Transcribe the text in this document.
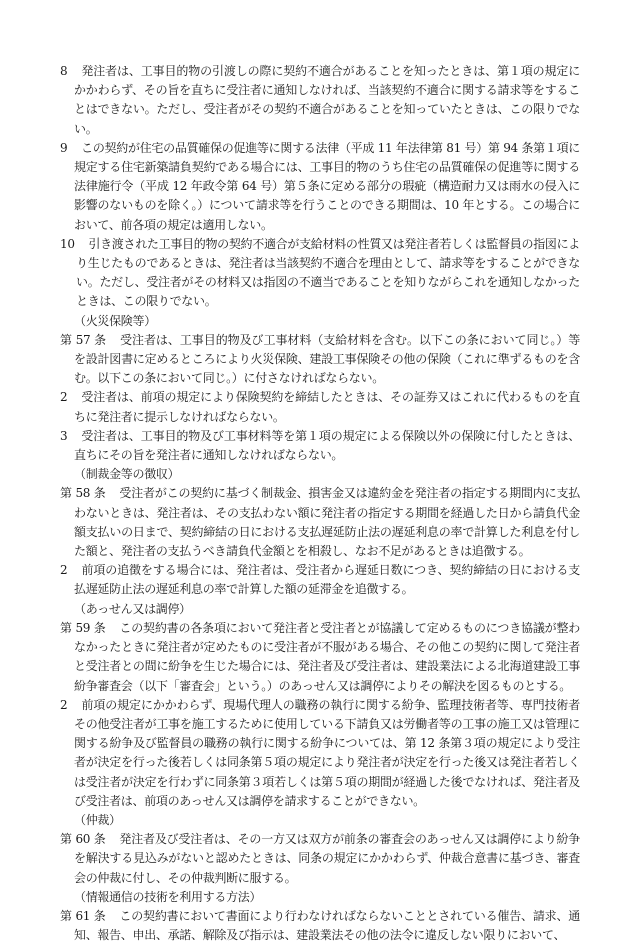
8　 発注者は、工事目的物の引渡しの際に契約不適合があることを知ったときは、第１項の規定にかかわらず、その旨を直ちに受注者に通知しなければ、当該契約不適合に関する請求等をすることはできない。ただし、受注者がその契約不適合があることを知っていたときは、この限りでない。

9　 この契約が住宅の品質確保の促進等に関する法律（平成 11 年法律第 81 号）第 94 条第１項に規定する住宅新築請負契約である場合には、工事目的物のうち住宅の品質確保の促進等に関する法律施行令（平成 12 年政令第 64 号）第５条に定める部分の瑕疵（構造耐力又は雨水の侵入に影響のないものを除く。）について請求等を行うことのできる期間は、10 年とする。この場合において、前各項の規定は適用しない。

10　 引き渡された工事目的物の契約不適合が支給材料の性質又は発注者若しくは監督員の指図により生じたものであるときは、発注者は当該契約不適合を理由として、請求等をすることができない。ただし、受注者がその材料又は指図の不適当であることを知りながらこれを通知しなかったときは、この限りでない。

（火災保険等）

第 57 条　 受注者は、工事目的物及び工事材料（支給材料を含む。以下この条において同じ。）等を設計図書に定めるところにより火災保険、建設工事保険その他の保険（これに準ずるものを含む。以下この条において同じ。）に付さなければならない。

2　 受注者は、前項の規定により保険契約を締結したときは、その証券又はこれに代わるものを直ちに発注者に提示しなければならない。

3　 受注者は、工事目的物及び工事材料等を第１項の規定による保険以外の保険に付したときは、直ちにその旨を発注者に通知しなければならない。

（制裁金等の徴収）

第 58 条　 受注者がこの契約に基づく制裁金、損害金又は違約金を発注者の指定する期間内に支払わないときは、発注者は、その支払わない額に発注者の指定する期間を経過した日から請負代金額支払いの日まで、契約締結の日における支払遅延防止法の遅延利息の率で計算した利息を付した額と、発注者の支払うべき請負代金額とを相殺し、なお不足があるときは追徴する。

2　 前項の追徴をする場合には、発注者は、受注者から遅延日数につき、契約締結の日における支払遅延防止法の遅延利息の率で計算した額の延滞金を追徴する。

（あっせん又は調停）

第 59 条　 この契約書の各条項において発注者と受注者とが協議して定めるものにつき協議が整わなかったときに発注者が定めたものに受注者が不服がある場合、その他この契約に関して発注者と受注者との間に紛争を生じた場合には、発注者及び受注者は、建設業法による北海道建設工事紛争審査会（以下「審査会」という。）のあっせん又は調停によりその解決を図るものとする。

2　 前項の規定にかかわらず、現場代理人の職務の執行に関する紛争、監理技術者等、専門技術者その他受注者が工事を施工するために使用している下請負又は労働者等の工事の施工又は管理に関する紛争及び監督員の職務の執行に関する紛争については、第 12 条第３項の規定により受注者が決定を行った後若しくは同条第５項の規定により発注者が決定を行った後又は発注者若しくは受注者が決定を行わずに同条第３項若しくは第５項の期間が経過した後でなければ、発注者及び受注者は、前項のあっせん又は調停を請求することができない。

（仲裁）

第 60 条　 発注者及び受注者は、その一方又は双方が前条の審査会のあっせん又は調停により紛争を解決する見込みがないと認めたときは、同条の規定にかかわらず、仲裁合意書に基づき、審査会の仲裁に付し、その仲裁判断に服する。

（情報通信の技術を利用する方法）

第 61 条　 この契約書において書面により行わなければならないこととされている催告、請求、通知、報告、申出、承諾、解除及び指示は、建設業法その他の法令に違反しない限りにおいて、
